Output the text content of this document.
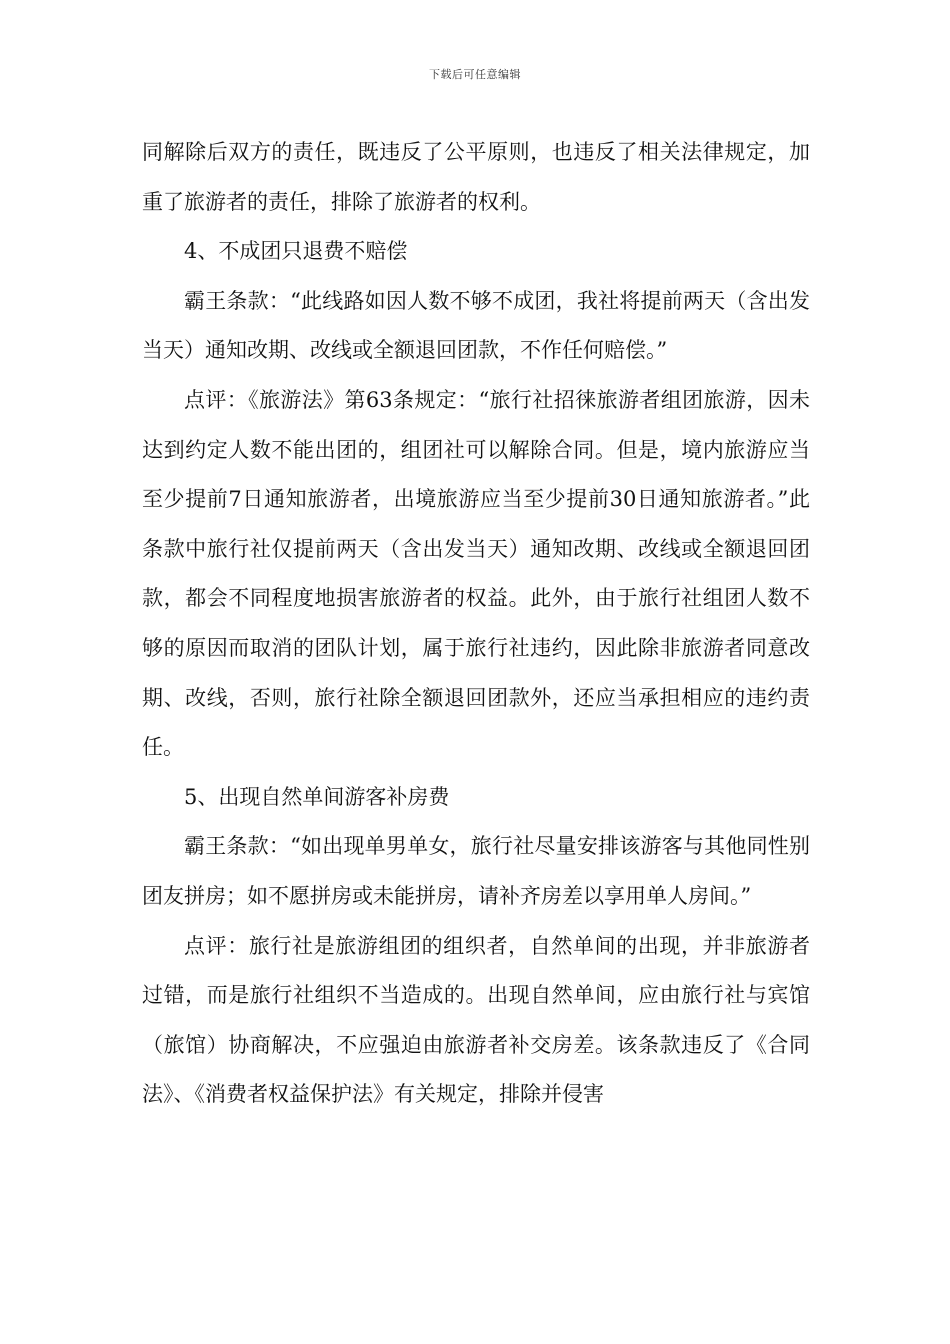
下载后可任意编辑

同解除后双方的责任，既违反了公平原则，也违反了相关法律规定，加重了旅游者的责任，排除了旅游者的权利。

4、不成团只退费不赔偿

霸王条款：“此线路如因人数不够不成团，我社将提前两天（含出发当天）通知改期、改线或全额退回团款，不作任何赔偿。”

点评：《旅游法》第63条规定：“旅行社招徕旅游者组团旅游，因未达到约定人数不能出团的，组团社可以解除合同。但是，境内旅游应当至少提前7日通知旅游者，出境旅游应当至少提前30日通知旅游者。”此条款中旅行社仅提前两天（含出发当天）通知改期、改线或全额退回团款，都会不同程度地损害旅游者的权益。此外，由于旅行社组团人数不够的原因而取消的团队计划，属于旅行社违约，因此除非旅游者同意改期、改线，否则，旅行社除全额退回团款外，还应当承担相应的违约责任。

5、出现自然单间游客补房费

霸王条款：“如出现单男单女，旅行社尽量安排该游客与其他同性别团友拼房；如不愿拼房或未能拼房，请补齐房差以享用单人房间。”

点评：旅行社是旅游组团的组织者，自然单间的出现，并非旅游者过错，而是旅行社组织不当造成的。出现自然单间，应由旅行社与宾馆（旅馆）协商解决，不应强迫由旅游者补交房差。该条款违反了《合同法》、《消费者权益保护法》有关规定，排除并侵害
